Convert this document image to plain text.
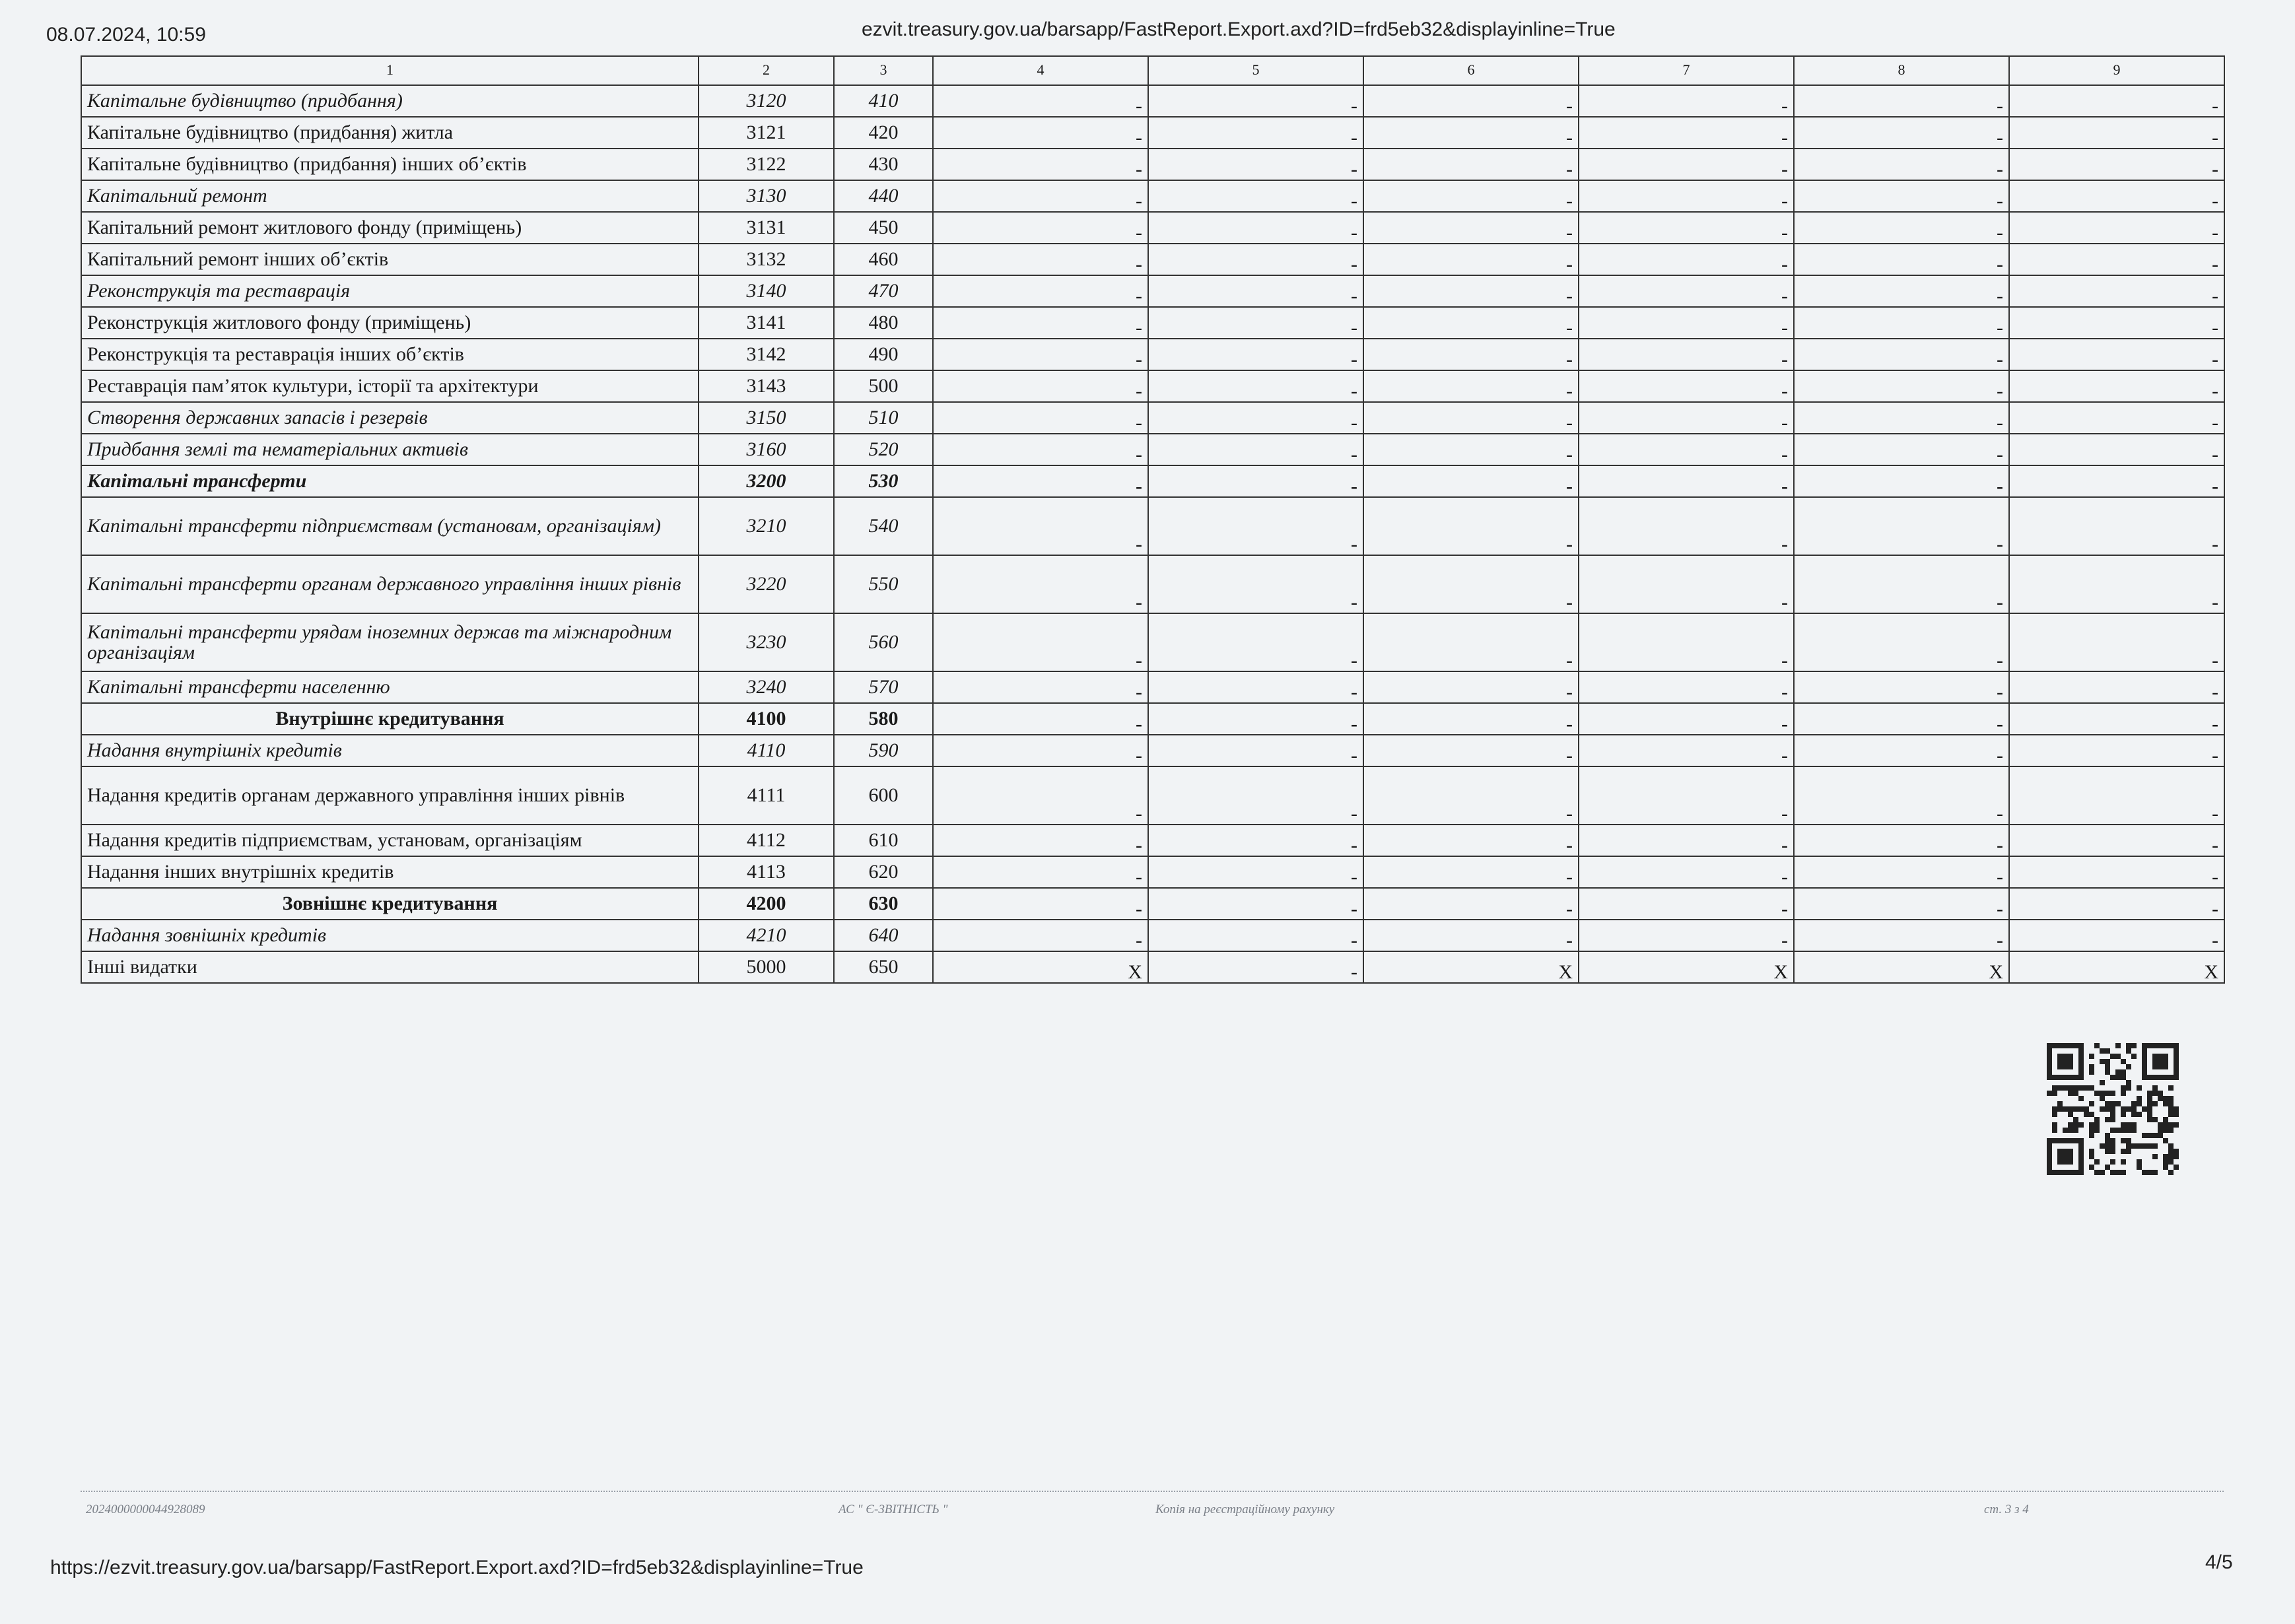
08.07.2024, 10:59	ezvit.treasury.gov.ua/barsapp/FastReport.Export.axd?ID=frd5eb32&displayinline=True
1	2	3	4	5	6	7	8	9
Капітальне будівництво (придбання)	3120	410	-	-	-	-	-	-
Капітальне будівництво (придбання) житла	3121	420	-	-	-	-	-	-
Капітальне будівництво (придбання) інших об’єктів	3122	430	-	-	-	-	-	-
Капітальний ремонт	3130	440	-	-	-	-	-	-
Капітальний ремонт житлового фонду (приміщень)	3131	450	-	-	-	-	-	-
Капітальний ремонт інших об’єктів	3132	460	-	-	-	-	-	-
Реконструкція та реставрація	3140	470	-	-	-	-	-	-
Реконструкція житлового фонду (приміщень)	3141	480	-	-	-	-	-	-
Реконструкція та реставрація інших об’єктів	3142	490	-	-	-	-	-	-
Реставрація пам’яток культури, історії та архітектури	3143	500	-	-	-	-	-	-
Створення державних запасів і резервів	3150	510	-	-	-	-	-	-
Придбання землі та нематеріальних активів	3160	520	-	-	-	-	-	-
Капітальні трансферти	3200	530	-	-	-	-	-	-
Капітальні трансферти підприємствам (установам, організаціям)	3210	540	-	-	-	-	-	-
Капітальні трансферти органам державного управління інших рівнів	3220	550	-	-	-	-	-	-
Капітальні трансферти урядам іноземних держав та міжнародним організаціям	3230	560	-	-	-	-	-	-
Капітальні трансферти населенню	3240	570	-	-	-	-	-	-
Внутрішнє кредитування	4100	580	-	-	-	-	-	-
Надання внутрішніх кредитів	4110	590	-	-	-	-	-	-
Надання кредитів органам державного управління інших рівнів	4111	600	-	-	-	-	-	-
Надання кредитів підприємствам, установам, організаціям	4112	610	-	-	-	-	-	-
Надання інших внутрішніх кредитів	4113	620	-	-	-	-	-	-
Зовнішнє кредитування	4200	630	-	-	-	-	-	-
Надання зовнішніх кредитів	4210	640	-	-	-	-	-	-
Інші видатки	5000	650	X	-	X	X	X	X
2024000000044928089	АС " Є-ЗВІТНІСТЬ "	Копія на реєстраційному рахунку	ст. 3 з 4
https://ezvit.treasury.gov.ua/barsapp/FastReport.Export.axd?ID=frd5eb32&displayinline=True	4/5
